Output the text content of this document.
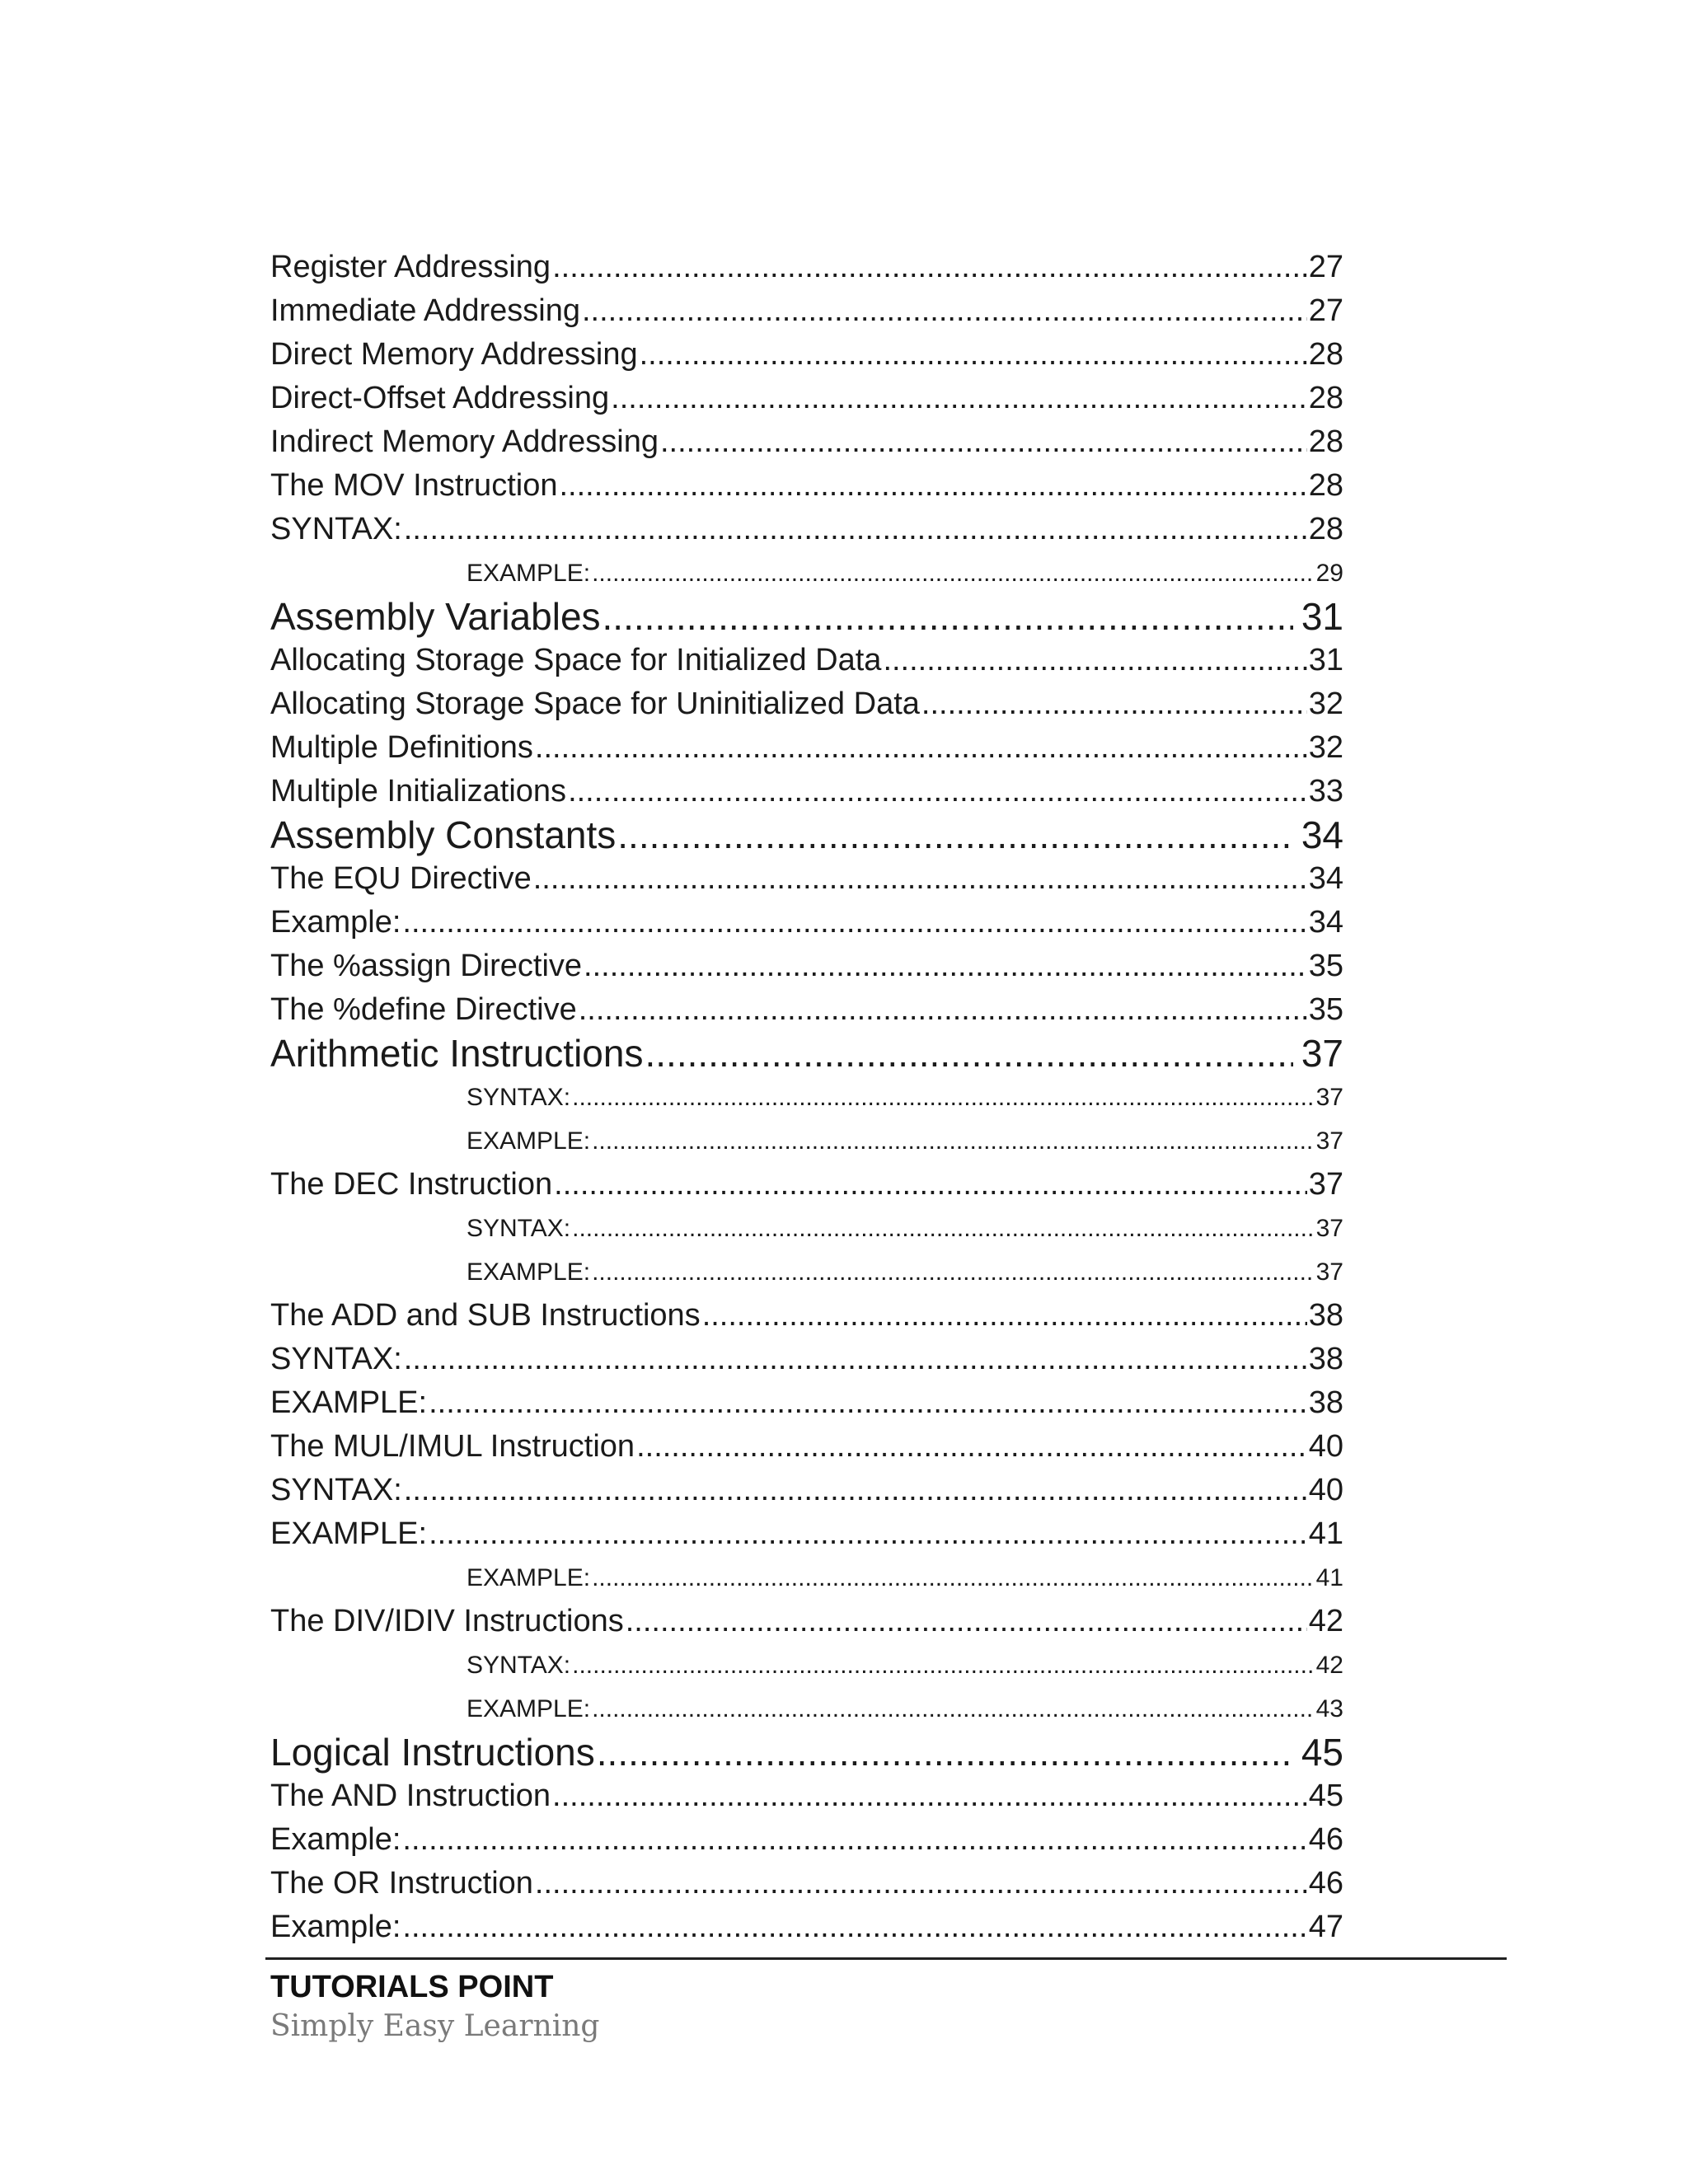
Register Addressing .....	27
Immediate Addressing .....	27
Direct Memory Addressing .....	28
Direct-Offset Addressing .....	28
Indirect Memory Addressing .....	28
The MOV Instruction .....	28
SYNTAX: .....	28
EXAMPLE: .....	29
Assembly Variables .....	31
Allocating Storage Space for Initialized Data .....	31
Allocating Storage Space for Uninitialized Data .....	32
Multiple Definitions .....	32
Multiple Initializations .....	33
Assembly Constants .....	34
The EQU Directive .....	34
Example: .....	34
The %assign Directive .....	35
The %define Directive .....	35
Arithmetic Instructions .....	37
SYNTAX: .....	37
EXAMPLE: .....	37
The DEC Instruction .....	37
SYNTAX: .....	37
EXAMPLE: .....	37
The ADD and SUB Instructions .....	38
SYNTAX: .....	38
EXAMPLE: .....	38
The MUL/IMUL Instruction .....	40
SYNTAX: .....	40
EXAMPLE: .....	41
EXAMPLE: .....	41
The DIV/IDIV Instructions .....	42
SYNTAX: .....	42
EXAMPLE: .....	43
Logical Instructions .....	45
The AND Instruction .....	45
Example: .....	46
The OR Instruction .....	46
Example: .....	47
TUTORIALS POINT
Simply Easy Learning
